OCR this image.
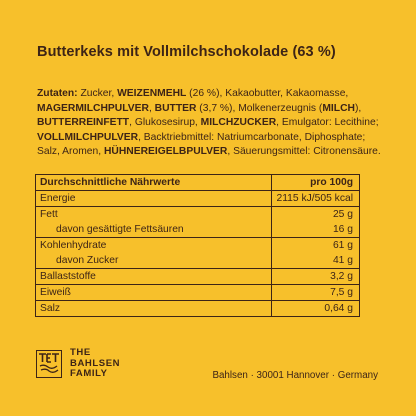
Butterkeks mit Vollmilchschokolade (63 %)
Zutaten: Zucker, WEIZENMEHL (26 %), Kakaobutter, Kakaomasse, MAGERMILCHPULVER, BUTTER (3,7 %), Molkenerzeugnis (MILCH), BUTTERREINFETT, Glukosesirup, MILCHZUCKER, Emulgator: Lecithine; VOLLMILCHPULVER, Backtriebmittel: Natriumcarbonate, Diphosphate; Salz, Aromen, HÜHNEREIGELBPULVER, Säuerungsmittel: Citronensäure.
Durchschnittliche Nährwerte	pro 100g
Energie	2115 kJ/505 kcal
Fett	25 g
davon gesättigte Fettsäuren	16 g
Kohlenhydrate	61 g
davon Zucker	41 g
Ballaststoffe	3,2 g
Eiweiß	7,5 g
Salz	0,64 g
THE
BAHLSEN
FAMILY	Bahlsen · 30001 Hannover · Germany
